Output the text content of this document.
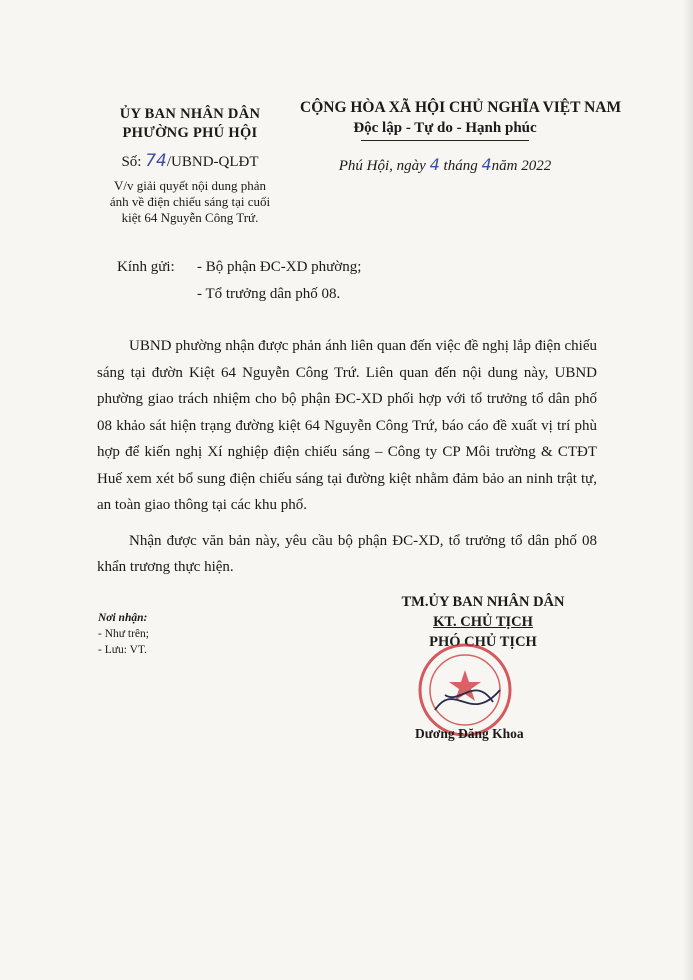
ỦY BAN NHÂN DÂN
PHƯỜNG PHÚ HỘI
Số: 74/UBND-QLĐT
V/v giải quyết nội dung phản
ánh về điện chiếu sáng tại cuối
kiệt 64 Nguyễn Công Trứ.
CỘNG HÒA XÃ HỘI CHỦ NGHĨA VIỆT NAM
Độc lập - Tự do - Hạnh phúc
Phú Hội, ngày 4 tháng 4năm 2022
Kính gửi:	- Bộ phận ĐC-XD phường;
- Tổ trưởng dân phố 08.

UBND phường nhận được phản ánh liên quan đến việc đề nghị lắp điện chiếu sáng tại đườn Kiệt 64 Nguyễn Công Trứ. Liên quan đến nội dung này, UBND phường giao trách nhiệm cho bộ phận ĐC-XD phối hợp với tổ trưởng tổ dân phố 08 khảo sát hiện trạng đường kiệt 64 Nguyễn Công Trứ, báo cáo đề xuất vị trí phù hợp để kiến nghị Xí nghiệp điện chiếu sáng – Công ty CP Môi trường & CTĐT Huế xem xét bổ sung điện chiếu sáng tại đường kiệt nhằm đảm bảo an ninh trật tự, an toàn giao thông tại các khu phố.

Nhận được văn bản này, yêu cầu bộ phận ĐC-XD, tổ trưởng tổ dân phố 08 khẩn trương thực hiện.

Nơi nhận:
- Như trên;
- Lưu: VT.
TM.ỦY BAN NHÂN DÂN
KT. CHỦ TỊCH
PHÓ CHỦ TỊCH
Dương Đăng Khoa
